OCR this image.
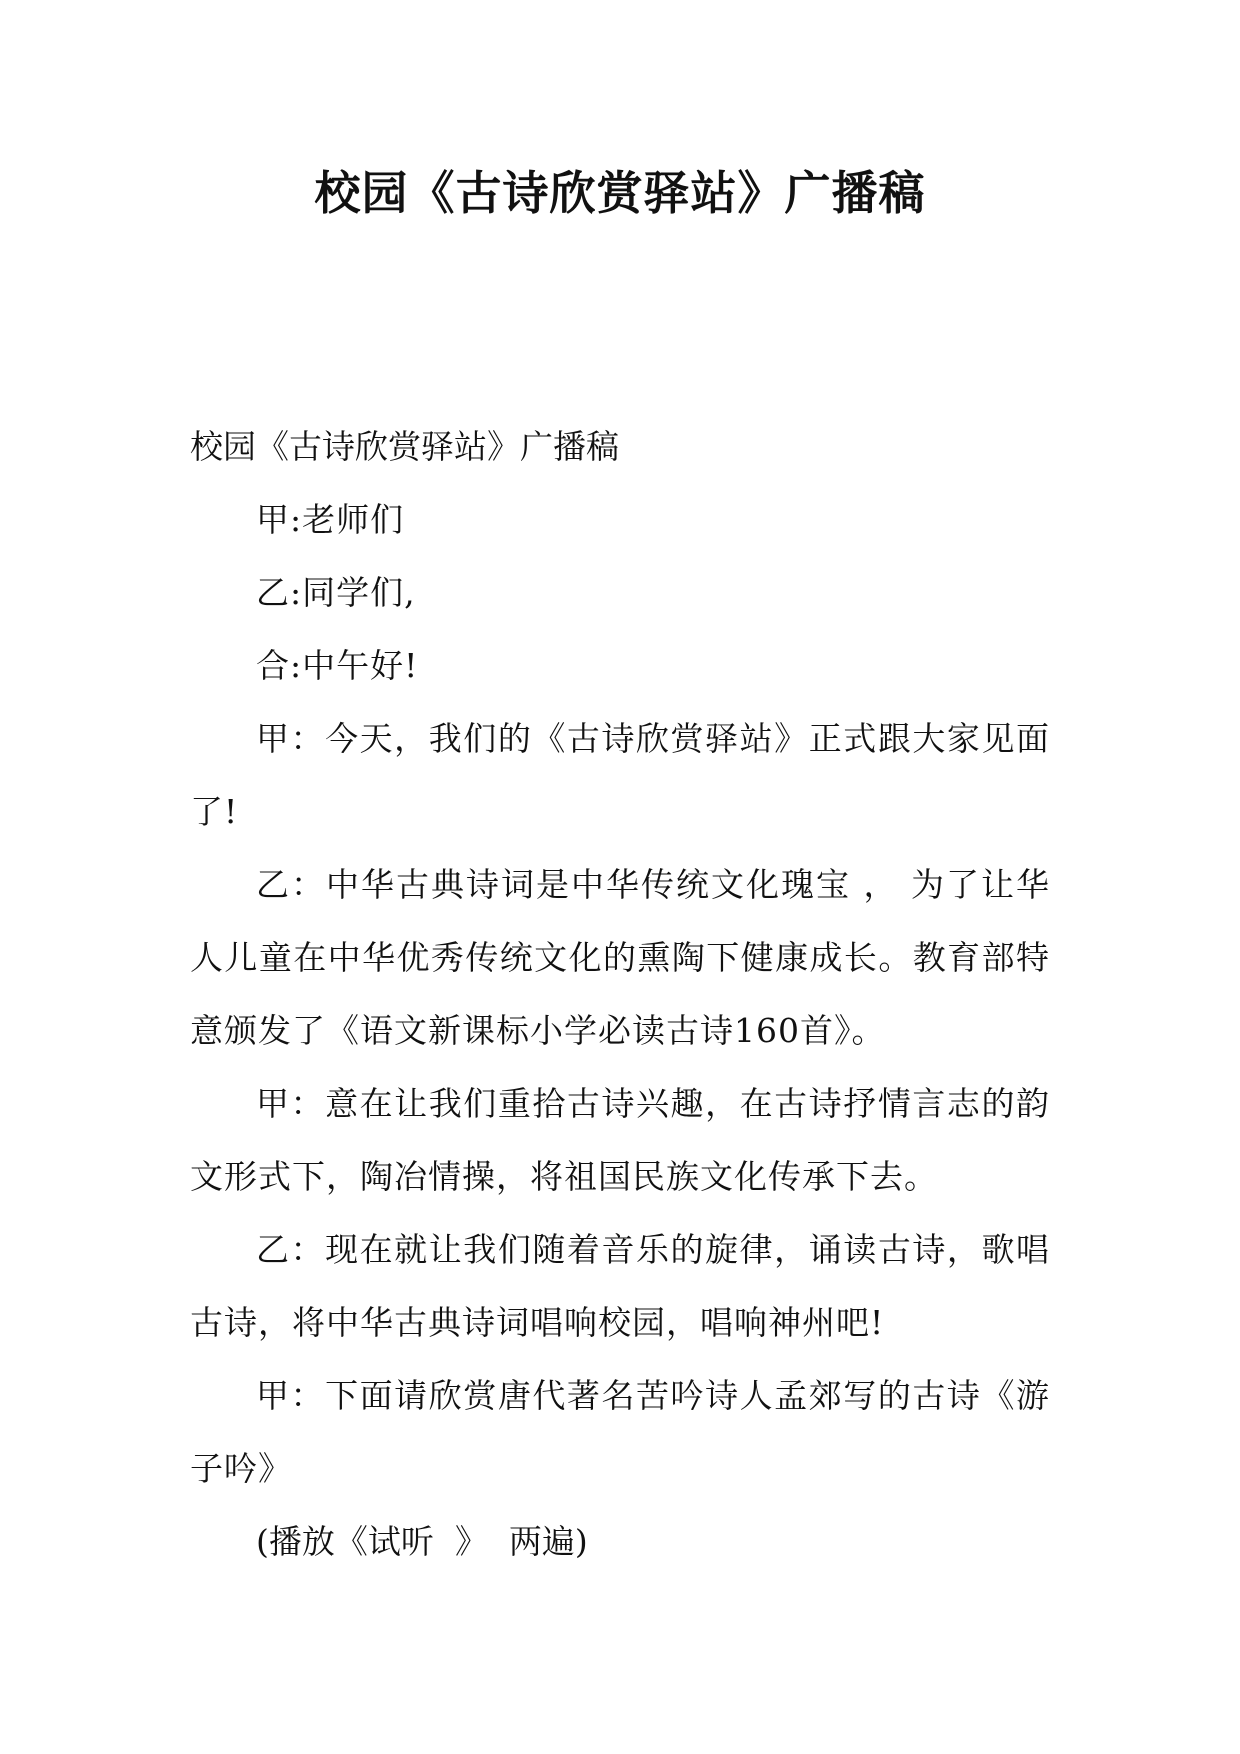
校园《古诗欣赏驿站》广播稿

校园《古诗欣赏驿站》广播稿

甲:老师们

乙:同学们,

合:中午好!

甲：今天，我们的《古诗欣赏驿站》正式跟大家见面了!

乙：中华古典诗词是中华传统文化瑰宝 ， 为了让华人儿童在中华优秀传统文化的熏陶下健康成长。教育部特意颁发了《语文新课标小学必读古诗160首》。

甲：意在让我们重拾古诗兴趣，在古诗抒情言志的韵文形式下，陶冶情操，将祖国民族文化传承下去。

乙：现在就让我们随着音乐的旋律，诵读古诗，歌唱古诗，将中华古典诗词唱响校园，唱响神州吧!

甲：下面请欣赏唐代著名苦吟诗人孟郊写的古诗《游子吟》

(播放《试听  》  两遍)
